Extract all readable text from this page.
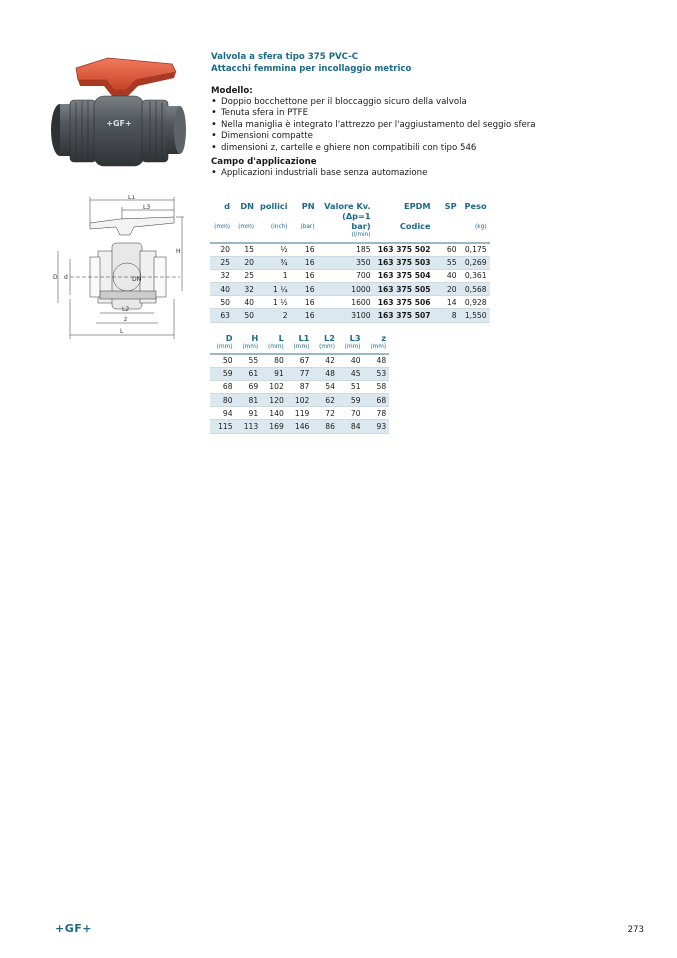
+GF+
L1
L3
H
D d	DN
L2
z
L
Valvola a sfera tipo 375 PVC-C
Attacchi femmina per incollaggio metrico
Modello:
• Doppio bocchettone per il bloccaggio sicuro della valvola
• Tenuta sfera in PTFE
• Nella maniglia è integrato l'attrezzo per l'aggiustamento del seggio sfera
• Dimensioni compatte
• dimensioni z, cartelle e ghiere non compatibili con tipo 546
Campo d'applicazione
• Applicazioni industriali base senza automazione
d	DN	pollici	PN	Valore Kv.	EPDM	SP	Peso
(mm)	(mm)	(inch)	(bar)	(Δp=1 bar)	Codice		(kg)
				(l/min)			
20	15	½	16	185	163 375 502	60	0,175
25	20	¾	16	350	163 375 503	55	0,269
32	25	1	16	700	163 375 504	40	0,361
40	32	1 ¼	16	1000	163 375 505	20	0,568
50	40	1 ½	16	1600	163 375 506	14	0,928
63	50	2	16	3100	163 375 507	8	1,550
D	H	L	L1	L2	L3	z
(mm)	(mm)	(mm)	(mm)	(mm)	(mm)	(mm)
50	55	80	67	42	40	48
59	61	91	77	48	45	53
68	69	102	87	54	51	58
80	81	120	102	62	59	68
94	91	140	119	72	70	78
115	113	169	146	86	84	93
+GF+	273
